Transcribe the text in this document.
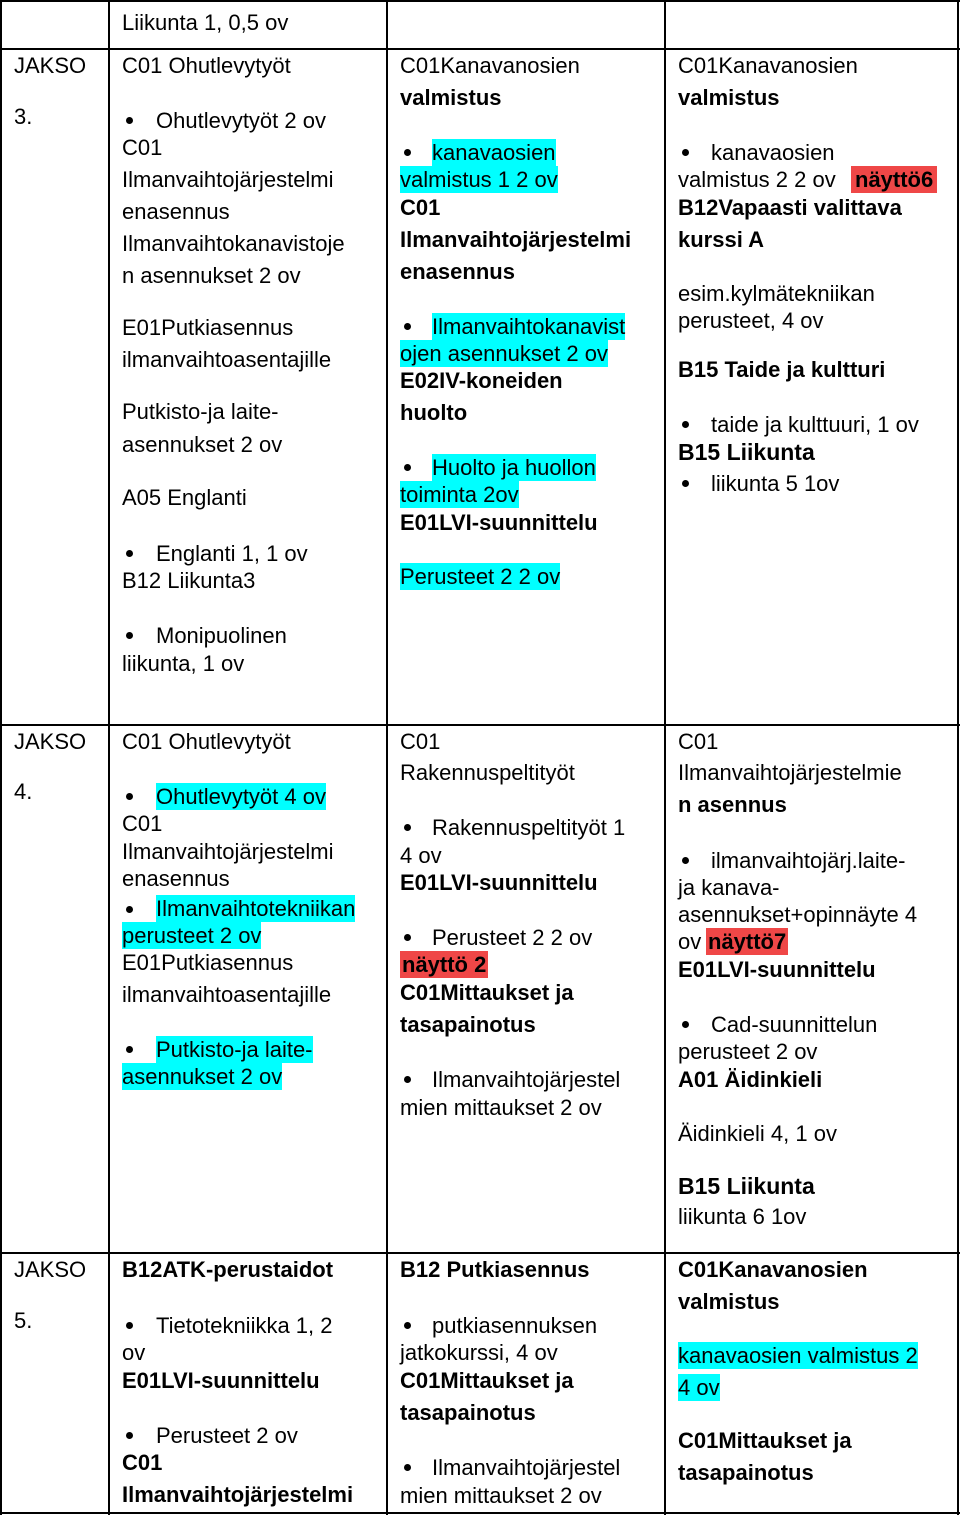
Liikunta 1, 0,5 ov
JAKSO
3.
C01 Ohutlevytyöt
Ohutlevytyöt 2 ov
C01
Ilmanvaihtojärjestelmi
enasennus
Ilmanvaihtokanavistoje
n asennukset 2 ov
E01Putkiasennus
ilmanvaihtoasentajille
Putkisto-ja laite-
asennukset 2 ov
A05 Englanti
Englanti 1, 1 ov
B12 Liikunta3
Monipuolinen
liikunta, 1 ov
C01Kanavanosien
valmistus
kanavaosien
valmistus 1 2 ov
C01
Ilmanvaihtojärjestelmi
enasennus
Ilmanvaihtokanavist
ojen asennukset 2 ov
E02IV-koneiden
huolto
Huolto ja huollon
toiminta 2ov
E01LVI-suunnittelu
Perusteet 2 2 ov
C01Kanavanosien
valmistus
kanavaosien
valmistus 2 2 ov näyttö6
B12Vapaasti valittava
kurssi A
esim.kylmätekniikan
perusteet, 4 ov
B15 Taide ja kultturi
taide ja kulttuuri, 1 ov
B15 Liikunta
liikunta 5 1ov
JAKSO
4.
C01 Ohutlevytyöt
Ohutlevytyöt 4 ov
C01
Ilmanvaihtojärjestelmi
enasennus
Ilmanvaihtotekniikan
perusteet 2 ov
E01Putkiasennus
ilmanvaihtoasentajille
Putkisto-ja laite-
asennukset 2 ov
C01
Rakennuspeltityöt
Rakennuspeltityöt 1
4 ov
E01LVI-suunnittelu
Perusteet 2 2 ov
näyttö 2
C01Mittaukset ja
tasapainotus
Ilmanvaihtojärjestel
mien mittaukset 2 ov
C01
Ilmanvaihtojärjestelmie
n asennus
ilmanvaihtojärj.laite-
ja kanava-
asennukset+opinnäyte 4
ov näyttö7
E01LVI-suunnittelu
Cad-suunnittelun
perusteet 2 ov
A01 Äidinkieli
Äidinkieli 4, 1 ov
B15 Liikunta
liikunta 6 1ov
JAKSO
5.
B12ATK-perustaidot
Tietotekniikka 1, 2
ov
E01LVI-suunnittelu
Perusteet 2 ov
C01
Ilmanvaihtojärjestelmi
B12 Putkiasennus
putkiasennuksen
jatkokurssi, 4 ov
C01Mittaukset ja
tasapainotus
Ilmanvaihtojärjestel
mien mittaukset 2 ov
C01Kanavanosien
valmistus
kanavaosien valmistus 2
4 ov
C01Mittaukset ja
tasapainotus
